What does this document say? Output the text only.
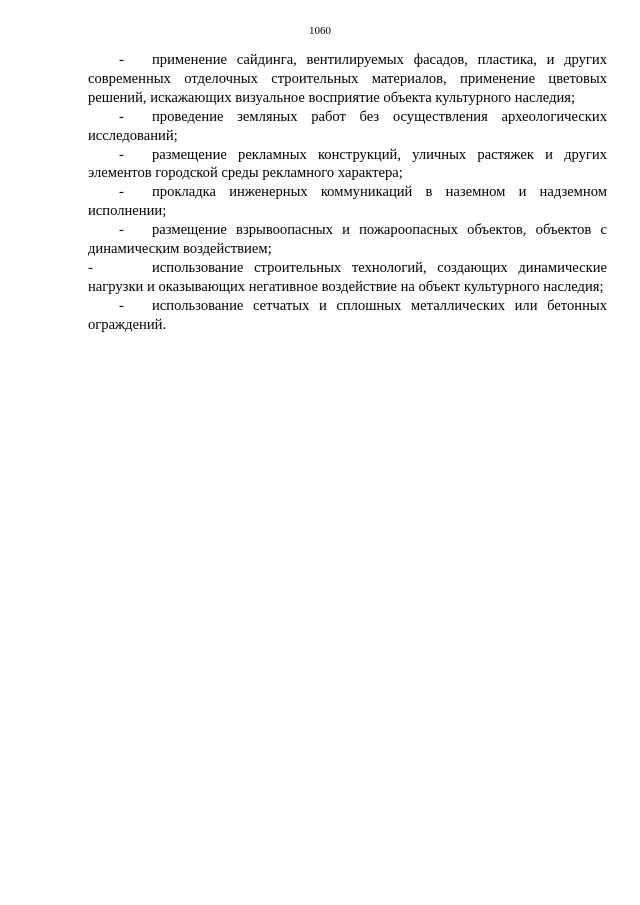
1060

- применение сайдинга, вентилируемых фасадов, пластика, и других современных отделочных строительных материалов, применение цветовых решений, искажающих визуальное восприятие объекта культурного наследия;

- проведение земляных работ без осуществления археологических исследований;

- размещение рекламных конструкций, уличных растяжек и других элементов городской среды рекламного характера;

- прокладка инженерных коммуникаций в наземном и надземном исполнении;

- размещение взрывоопасных и пожароопасных объектов, объектов с динамическим воздействием;

-	использование строительных технологий, создающих динамические нагрузки и оказывающих негативное воздействие на объект культурного наследия;

- использование сетчатых и сплошных металлических или бетонных ограждений.
